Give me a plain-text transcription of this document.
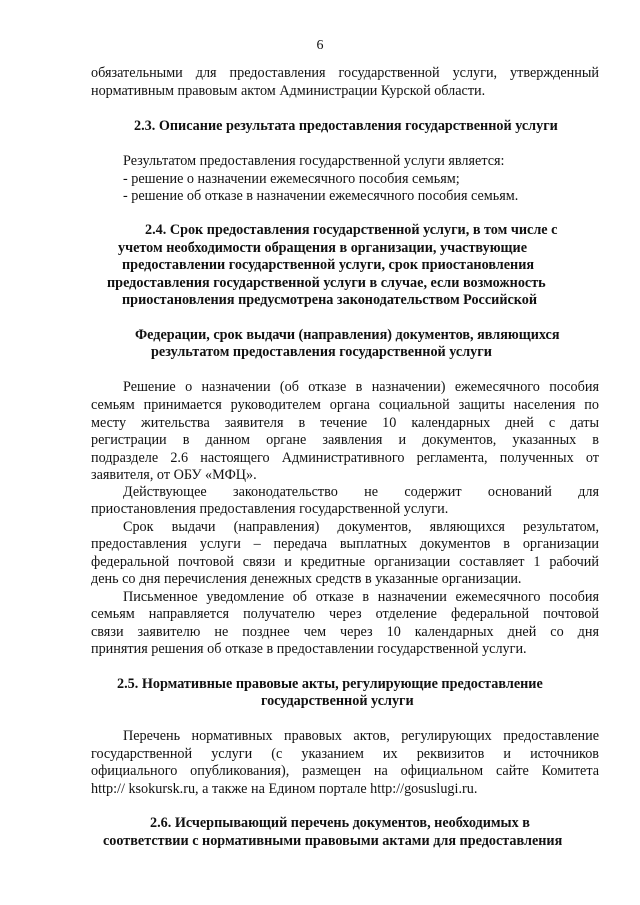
6
обязательными для предоставления государственной услуги, утвержденный
нормативным правовым актом Администрации Курской области.
2.3. Описание результата предоставления государственной услуги
Результатом предоставления государственной услуги является:
- решение о назначении ежемесячного пособия семьям;
- решение об отказе в назначении ежемесячного пособия семьям.
2.4. Срок предоставления государственной услуги, в том числе с
учетом необходимости обращения в организации, участвующие
предоставлении государственной услуги, срок приостановления
предоставления государственной услуги в случае, если возможность
приостановления предусмотрена законодательством Российской
Федерации, срок выдачи (направления) документов, являющихся
результатом предоставления государственной услуги
Решение о назначении (об отказе в назначении) ежемесячного пособия
семьям принимается руководителем органа социальной защиты населения по
месту жительства заявителя в течение 10 календарных дней с даты
регистрации в данном органе заявления и документов, указанных в
подразделе 2.6 настоящего Административного регламента, полученных от
заявителя, от ОБУ «МФЦ».
Действующее законодательство не содержит оснований для
приостановления предоставления государственной услуги.
Срок выдачи (направления) документов, являющихся результатом,
предоставления услуги – передача выплатных документов в организации
федеральной почтовой связи и кредитные организации составляет 1 рабочий
день со дня перечисления денежных средств в указанные организации.
Письменное уведомление об отказе в назначении ежемесячного пособия
семьям направляется получателю через отделение федеральной почтовой
связи заявителю не позднее чем через 10 календарных дней со дня
принятия решения об отказе в предоставлении государственной услуги.
2.5. Нормативные правовые акты, регулирующие предоставление
государственной услуги
Перечень нормативных правовых актов, регулирующих предоставление
государственной услуги (с указанием их реквизитов и источников
официального опубликования), размещен на официальном сайте Комитета
http:// ksokursk.ru, а также на Едином портале http://gosuslugi.ru.
2.6. Исчерпывающий перечень документов, необходимых в
соответствии с нормативными правовыми актами для предоставления
